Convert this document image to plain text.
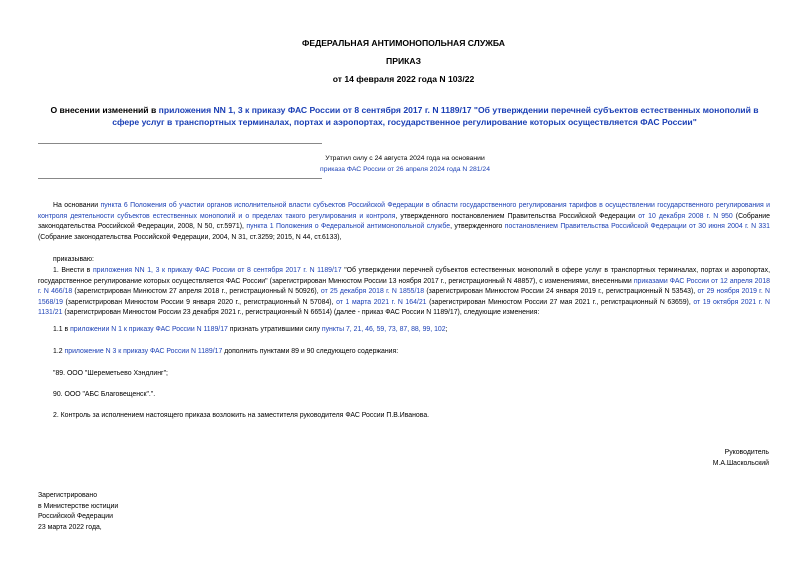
ФЕДЕРАЛЬНАЯ АНТИМОНОПОЛЬНАЯ СЛУЖБА
ПРИКАЗ
от 14 февраля 2022 года N 103/22
О внесении изменений в приложения NN 1, 3 к приказу ФАС России от 8 сентября 2017 г. N 1189/17 "Об утверждении перечней субъектов естественных монополий в сфере услуг в транспортных терминалах, портах и аэропортах, государственное регулирование которых осуществляется ФАС России"
Утратил силу с 24 августа 2024 года на основании
приказа ФАС России от 26 апреля 2024 года N 281/24
На основании пункта 6 Положения об участии органов исполнительной власти субъектов Российской Федерации в области государственного регулирования тарифов в осуществлении государственного регулирования и контроля деятельности субъектов естественных монополий и о пределах такого регулирования и контроля, утвержденного постановлением Правительства Российской Федерации от 10 декабря 2008 г. N 950 (Собрание законодательства Российской Федерации, 2008, N 50, ст.5971), пункта 1 Положения о Федеральной антимонопольной службе, утвержденного постановлением Правительства Российской Федерации от 30 июня 2004 г. N 331 (Собрание законодательства Российской Федерации, 2004, N 31, ст.3259; 2015, N 44, ст.6133),
приказываю:
1. Внести в приложения NN 1, 3 к приказу ФАС России от 8 сентября 2017 г. N 1189/17 "Об утверждении перечней субъектов естественных монополий в сфере услуг в транспортных терминалах, портах и аэропортах, государственное регулирование которых осуществляется ФАС России" (зарегистрирован Минюстом России 13 ноября 2017 г., регистрационный N 48857), с изменениями, внесенными приказами ФАС России от 12 апреля 2018 г. N 466/18 (зарегистрирован Минюстом 27 апреля 2018 г., регистрационный N 50926), от 25 декабря 2018 г. N 1855/18 (зарегистрирован Минюстом России 24 января 2019 г., регистрационный N 53543), от 29 ноября 2019 г. N 1568/19 (зарегистрирован Минюстом России 9 января 2020 г., регистрационный N 57084), от 1 марта 2021 г. N 164/21 (зарегистрирован Минюстом России 27 мая 2021 г., регистрационный N 63659), от 19 октября 2021 г. N 1131/21 (зарегистрирован Минюстом России 23 декабря 2021 г., регистрационный N 66514) (далее - приказ ФАС России N 1189/17), следующие изменения:
1.1 в приложении N 1 к приказу ФАС России N 1189/17 признать утратившими силу пункты 7, 21, 46, 59, 73, 87, 88, 99, 102;
1.2 приложение N 3 к приказу ФАС России N 1189/17 дополнить пунктами 89 и 90 следующего содержания:
"89. ООО "Шереметьево Хэндлинг";
90. ООО "АБС Благовещенск".".
2. Контроль за исполнением настоящего приказа возложить на заместителя руководителя ФАС России П.В.Иванова.
Руководитель
М.А.Шаскольский
Зарегистрировано
в Министерстве юстиции
Российской Федерации
23 марта 2022 года,
